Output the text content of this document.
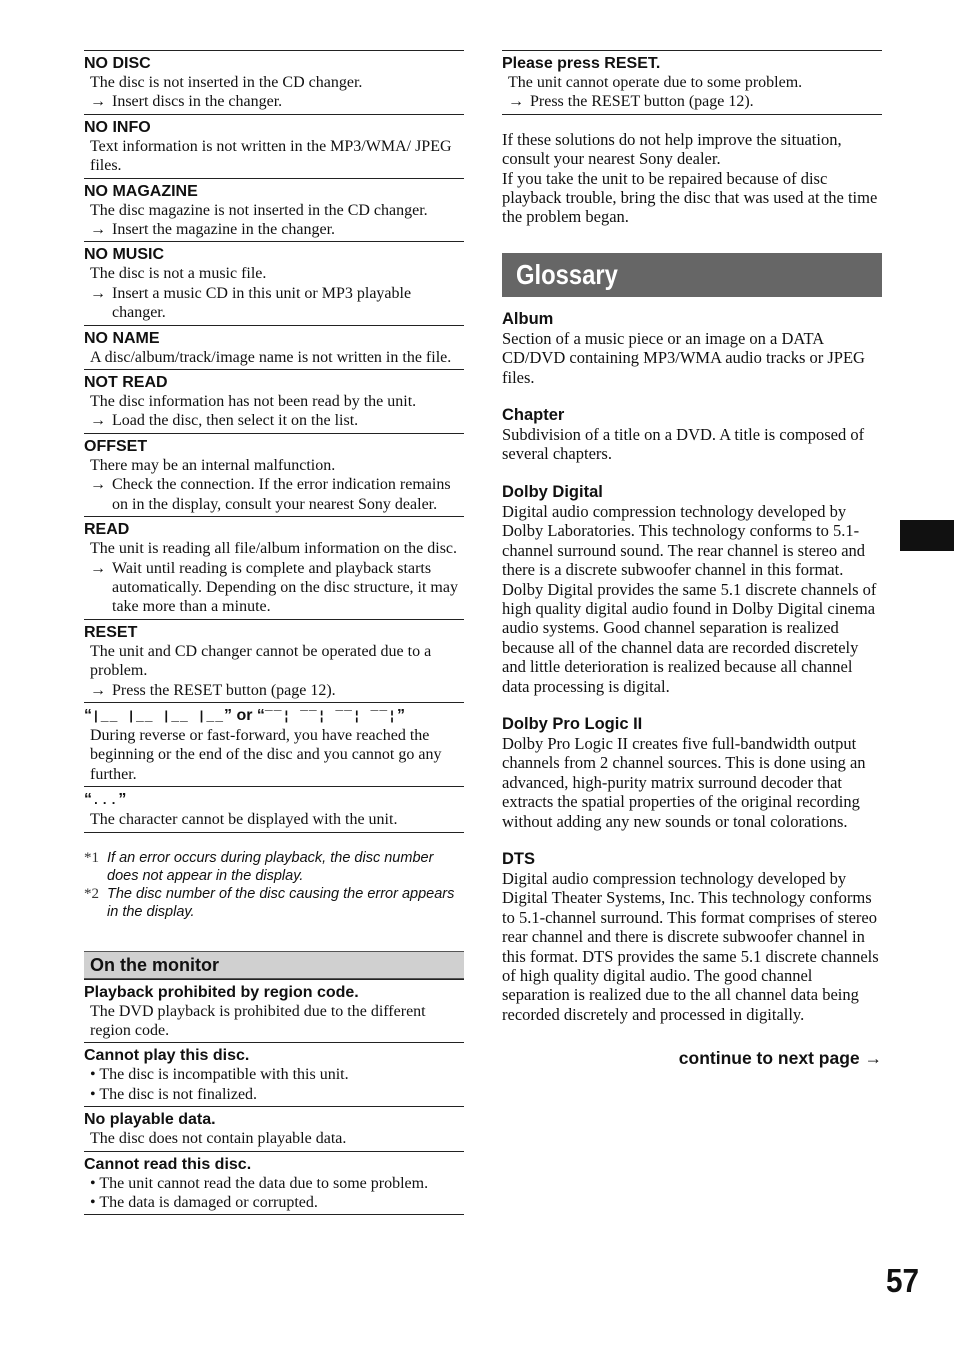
NO DISC
The disc is not inserted in the CD changer.
→ Insert discs in the changer.
NO INFO
Text information is not written in the MP3/WMA/ JPEG files.
NO MAGAZINE
The disc magazine is not inserted in the CD changer.
→ Insert the magazine in the changer.
NO MUSIC
The disc is not a music file.
→ Insert a music CD in this unit or MP3 playable changer.
NO NAME
A disc/album/track/image name is not written in the file.
NOT READ
The disc information has not been read by the unit.
→ Load the disc, then select it on the list.
OFFSET
There may be an internal malfunction.
→ Check the connection. If the error indication remains on in the display, consult your nearest Sony dealer.
READ
The unit is reading all file/album information on the disc.
→ Wait until reading is complete and playback starts automatically. Depending on the disc structure, it may take more than a minute.
RESET
The unit and CD changer cannot be operated due to a problem.
→ Press the RESET button (page 12).
“|__ |__ |__ |__” or “‾‾¦ ‾‾¦ ‾‾¦ ‾‾¦”
During reverse or fast-forward, you have reached the beginning or the end of the disc and you cannot go any further.
“...”
The character cannot be displayed with the unit.
*1 If an error occurs during playback, the disc number does not appear in the display.
*2 The disc number of the disc causing the error appears in the display.
On the monitor
Playback prohibited by region code.
The DVD playback is prohibited due to the different region code.
Cannot play this disc.
• The disc is incompatible with this unit.
• The disc is not finalized.
No playable data.
The disc does not contain playable data.
Cannot read this disc.
• The unit cannot read the data due to some problem.
• The data is damaged or corrupted.
Please press RESET.
The unit cannot operate due to some problem.
→ Press the RESET button (page 12).
If these solutions do not help improve the situation, consult your nearest Sony dealer.
If you take the unit to be repaired because of disc playback trouble, bring the disc that was used at the time the problem began.
Glossary
Album
Section of a music piece or an image on a DATA CD/DVD containing MP3/WMA audio tracks or JPEG files.
Chapter
Subdivision of a title on a DVD. A title is composed of several chapters.
Dolby Digital
Digital audio compression technology developed by Dolby Laboratories. This technology conforms to 5.1-channel surround sound. The rear channel is stereo and there is a discrete subwoofer channel in this format. Dolby Digital provides the same 5.1 discrete channels of high quality digital audio found in Dolby Digital cinema audio systems. Good channel separation is realized because all of the channel data are recorded discretely and little deterioration is realized because all channel data processing is digital.
Dolby Pro Logic II
Dolby Pro Logic II creates five full-bandwidth output channels from 2 channel sources. This is done using an advanced, high-purity matrix surround decoder that extracts the spatial properties of the original recording without adding any new sounds or tonal colorations.
DTS
Digital audio compression technology developed by Digital Theater Systems, Inc. This technology conforms to 5.1-channel surround. This format comprises of stereo rear channel and there is discrete subwoofer channel in this format. DTS provides the same 5.1 discrete channels of high quality digital audio. The good channel separation is realized due to the all channel data being recorded discretely and processed in digitally.
continue to next page →
57
